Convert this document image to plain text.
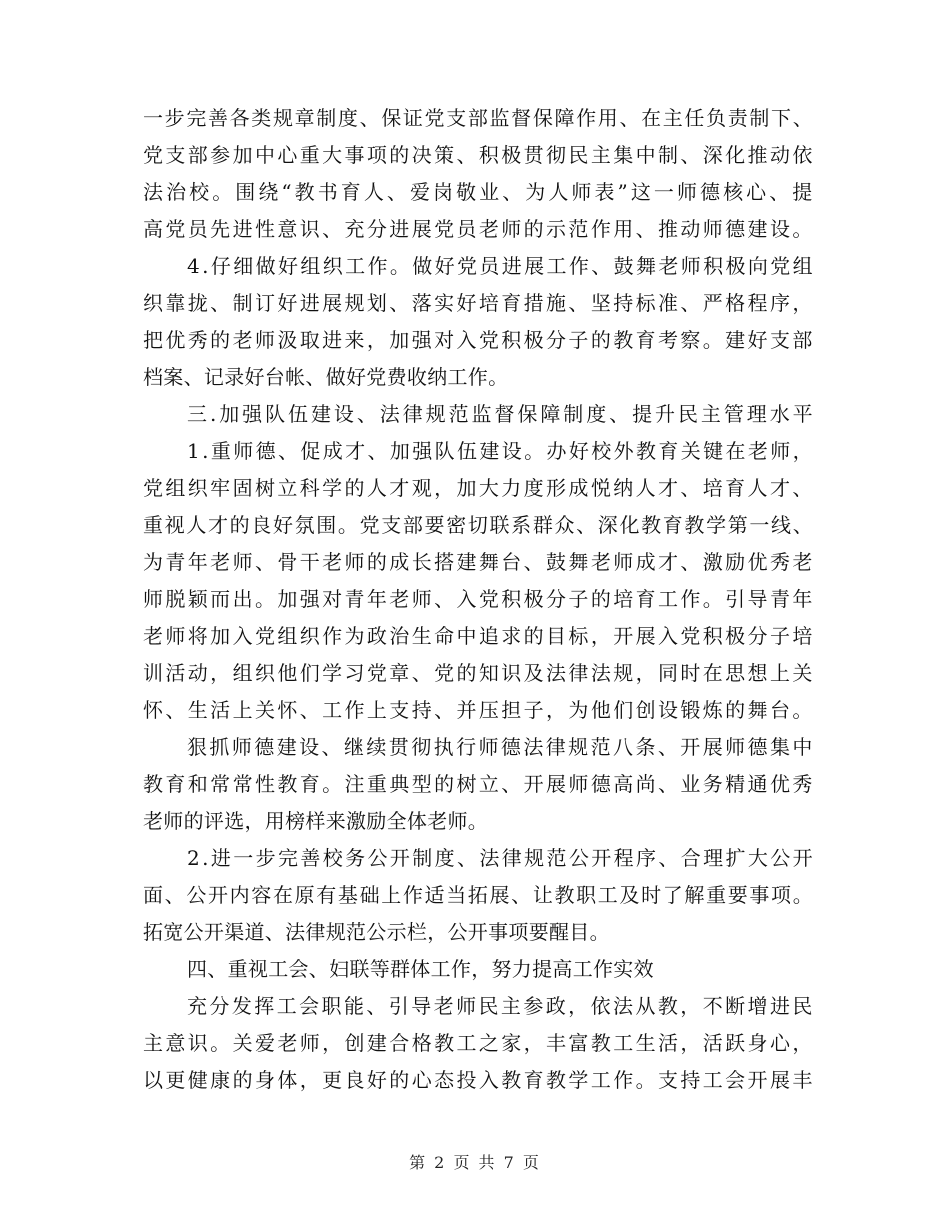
一 步 完 善 各 类 规 章 制 度 、 保 证 党 支 部 监 督 保 障 作 用 、 在 主 任 负 责 制 下 、
党 支 部 参 加 中 心 重 大 事 项 的 决 策 、 积 极 贯 彻 民 主 集 中 制 、 深 化 推 动 依
法 治 校 。 围 绕 “ 教 书 育 人 、 爱 岗 敬 业 、 为 人 师 表 ” 这 一 师 德 核 心 、 提
高 党 员 先 进 性 意 识 、 充 分 进 展 党 员 老 师 的 示 范 作 用 、 推 动 师 德 建 设 。
4 . 仔 细 做 好 组 织 工 作 。 做 好 党 员 进 展 工 作 、 鼓 舞 老 师 积 极 向 党 组
织 靠 拢 、 制 订 好 进 展 规 划 、 落 实 好 培 育 措 施 、 坚 持 标 准 、 严 格 程 序 ，
把 优 秀 的 老 师 汲 取 进 来 ， 加 强 对 入 党 积 极 分 子 的 教 育 考 察 。 建 好 支 部
档案、记录好台帐、做好党费收纳工作。
三 . 加 强 队 伍 建 设 、 法 律 规 范 监 督 保 障 制 度 、 提 升 民 主 管 理 水 平
1 . 重 师 德 、 促 成 才 、 加 强 队 伍 建 设 。 办 好 校 外 教 育 关 键 在 老 师 ，
党 组 织 牢 固 树 立 科 学 的 人 才 观 ， 加 大 力 度 形 成 悦 纳 人 才 、 培 育 人 才 、
重 视 人 才 的 良 好 氛 围 。 党 支 部 要 密 切 联 系 群 众 、 深 化 教 育 教 学 第 一 线 、
为 青 年 老 师 、 骨 干 老 师 的 成 长 搭 建 舞 台 、 鼓 舞 老 师 成 才 、 激 励 优 秀 老
师 脱 颖 而 出 。 加 强 对 青 年 老 师 、 入 党 积 极 分 子 的 培 育 工 作 。 引 导 青 年
老 师 将 加 入 党 组 织 作 为 政 治 生 命 中 追 求 的 目 标 ， 开 展 入 党 积 极 分 子 培
训 活 动 ， 组 织 他 们 学 习 党 章 、 党 的 知 识 及 法 律 法 规 ， 同 时 在 思 想 上 关
怀 、 生 活 上 关 怀 、 工 作 上 支 持 、 并 压 担 子 ， 为 他 们 创 设 锻 炼 的 舞 台 。
狠 抓 师 德 建 设 、 继 续 贯 彻 执 行 师 德 法 律 规 范 八 条 、 开 展 师 德 集 中
教 育 和 常 常 性 教 育 。 注 重 典 型 的 树 立 、 开 展 师 德 高 尚 、 业 务 精 通 优 秀
老师的评选，用榜样来激励全体老师。
2 . 进 一 步 完 善 校 务 公 开 制 度 、 法 律 规 范 公 开 程 序 、 合 理 扩 大 公 开
面 、 公 开 内 容 在 原 有 基 础 上 作 适 当 拓 展 、 让 教 职 工 及 时 了 解 重 要 事 项 。
拓宽公开渠道、法律规范公示栏，公开事项要醒目。
四、重视工会、妇联等群体工作，努力提高工作实效
充 分 发 挥 工 会 职 能 、 引 导 老 师 民 主 参 政 ， 依 法 从 教 ， 不 断 增 进 民
主 意 识 。 关 爱 老 师 ， 创 建 合 格 教 工 之 家 ， 丰 富 教 工 生 活 ， 活 跃 身 心 ，
以 更 健 康 的 身 体 ， 更 良 好 的 心 态 投 入 教 育 教 学 工 作 。 支 持 工 会 开 展 丰
第 2 页 共 7 页
